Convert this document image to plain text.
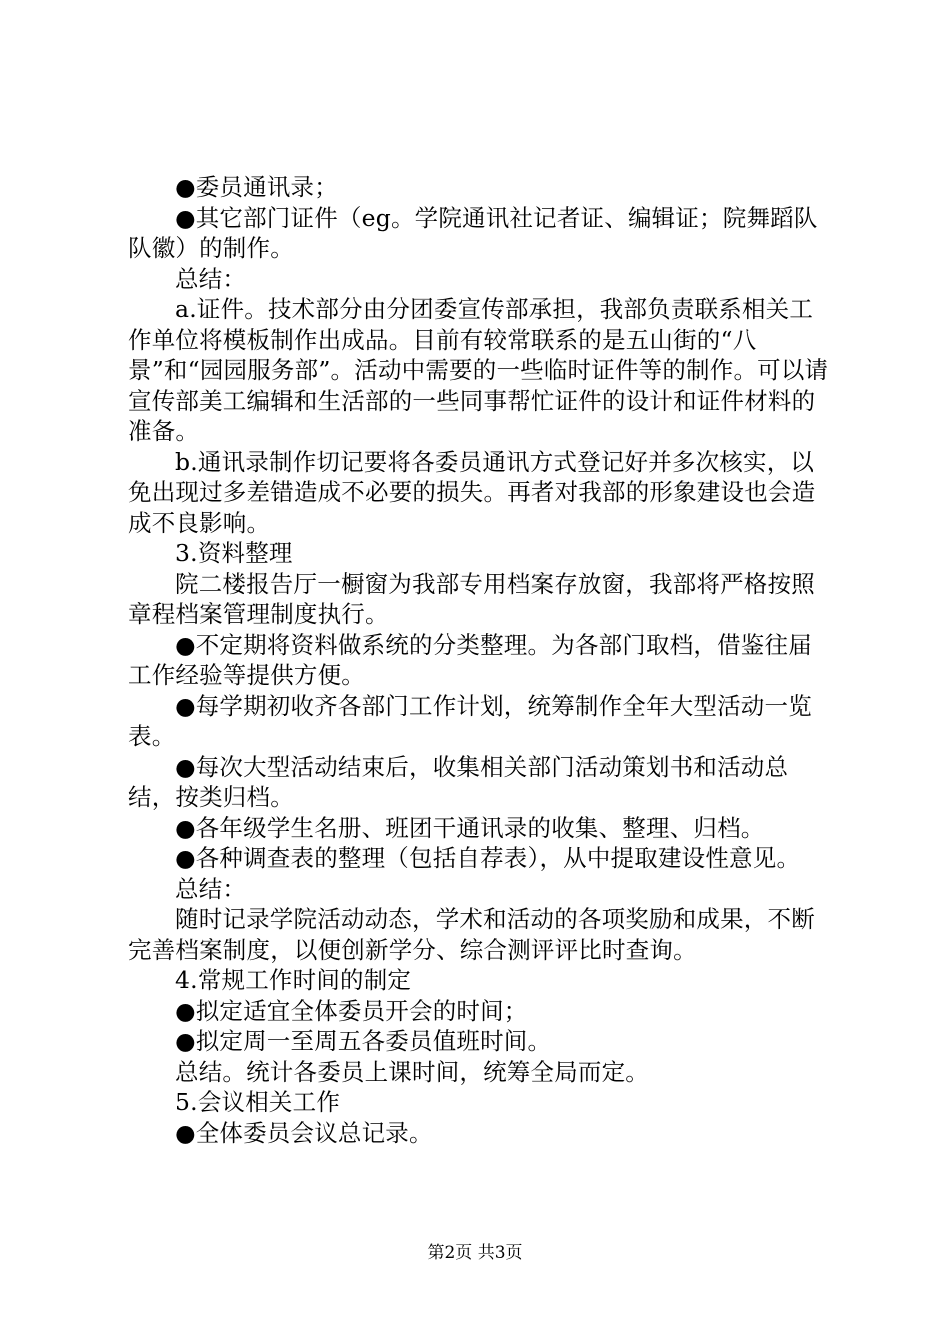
●委员通讯录；

●其它部门证件（eg。学院通讯社记者证、编辑证；院舞蹈队队徽）的制作。

总结：

a.证件。技术部分由分团委宣传部承担，我部负责联系相关工作单位将模板制作出成品。目前有较常联系的是五山街的“八景”和“园园服务部”。活动中需要的一些临时证件等的制作。可以请宣传部美工编辑和生活部的一些同事帮忙证件的设计和证件材料的准备。

b.通讯录制作切记要将各委员通讯方式登记好并多次核实，以免出现过多差错造成不必要的损失。再者对我部的形象建设也会造成不良影响。

3.资料整理

院二楼报告厅一橱窗为我部专用档案存放窗，我部将严格按照章程档案管理制度执行。

●不定期将资料做系统的分类整理。为各部门取档，借鉴往届工作经验等提供方便。

●每学期初收齐各部门工作计划，统筹制作全年大型活动一览表。

●每次大型活动结束后，收集相关部门活动策划书和活动总结，按类归档。

●各年级学生名册、班团干通讯录的收集、整理、归档。

●各种调查表的整理（包括自荐表），从中提取建设性意见。

总结：

随时记录学院活动动态，学术和活动的各项奖励和成果，不断完善档案制度，以便创新学分、综合测评评比时查询。

4.常规工作时间的制定

●拟定适宜全体委员开会的时间；

●拟定周一至周五各委员值班时间。

总结。统计各委员上课时间，统筹全局而定。

5.会议相关工作

●全体委员会议总记录。

第2页 共3页
